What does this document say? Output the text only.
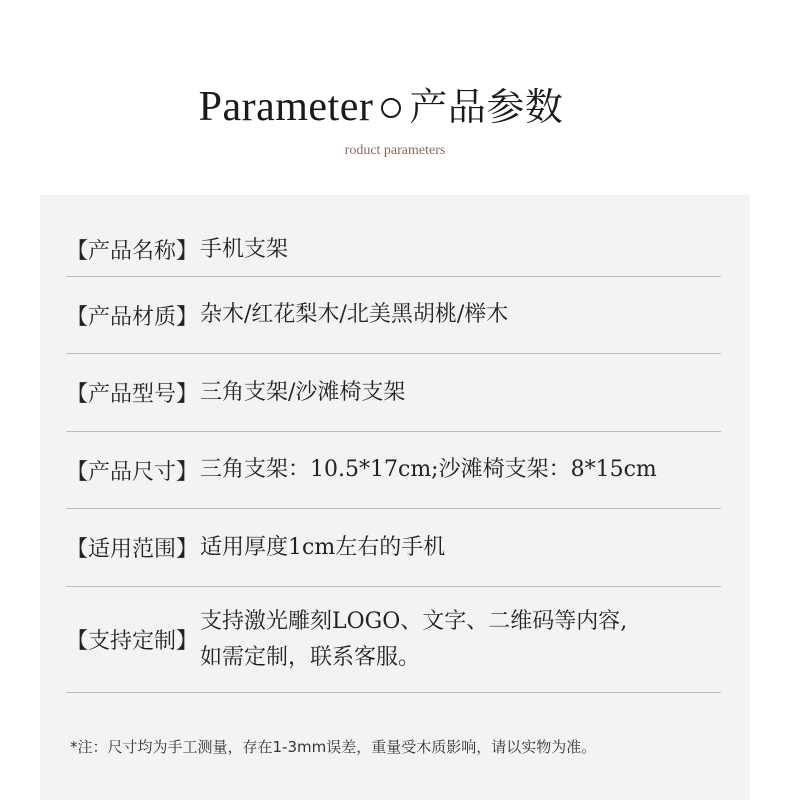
Parameter 产品参数
roduct parameters
【产品名称】 手机支架
【产品材质】 杂木/红花梨木/北美黑胡桃/榉木
【产品型号】 三角支架/沙滩椅支架
【产品尺寸】 三角支架：10.5*17cm;沙滩椅支架：8*15cm
【适用范围】 适用厚度1cm左右的手机
【支持定制】
支持激光雕刻LOGO、文字、二维码等内容,
如需定制，联系客服。
*注：尺寸均为手工测量，存在1-3mm误差，重量受木质影响，请以实物为准。
